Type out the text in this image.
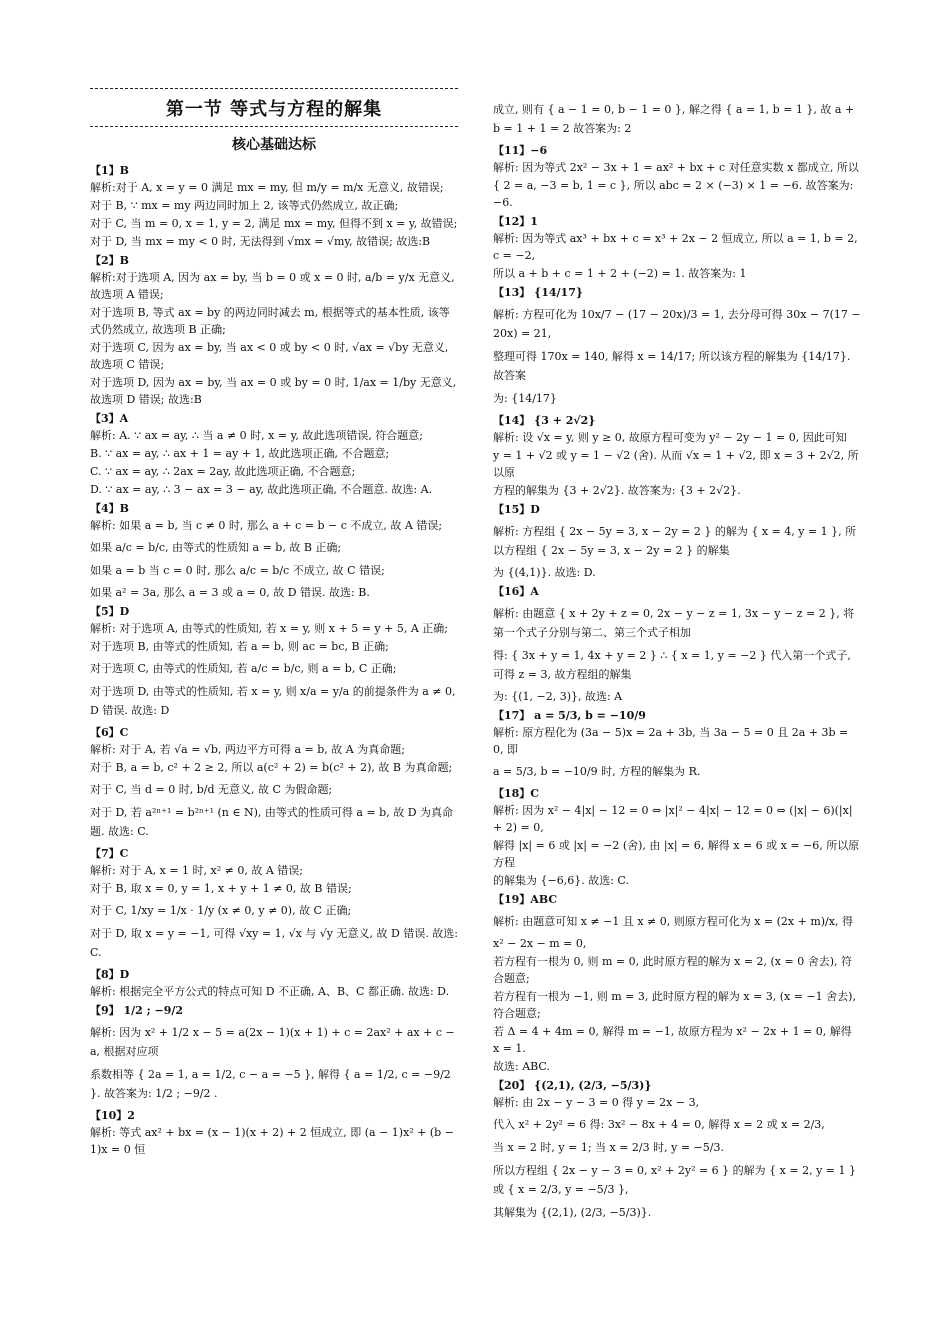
第一节 等式与方程的解集
核心基础达标
【1】B
解析:对于 A, x = y = 0 满足 mx = my, 但 m/y = m/x 无意义, 故错误;
对于 B, ∵ mx = my 两边同时加上 2, 该等式仍然成立, 故正确;
对于 C, 当 m = 0, x = 1, y = 2, 满足 mx = my, 但得不到 x = y, 故错误;
对于 D, 当 mx = my < 0 时, 无法得到 √mx = √my, 故错误; 故选:B
【2】B
解析:对于选项 A, 因为 ax = by, 当 b = 0 或 x = 0 时, a/b = y/x 无意义, 故选项 A 错误;
对于选项 B, 等式 ax = by 的两边同时减去 m, 根据等式的基本性质, 该等式仍然成立, 故选项 B 正确;
对于选项 C, 因为 ax = by, 当 ax < 0 或 by < 0 时, √ax = √by 无意义, 故选项 C 错误;
对于选项 D, 因为 ax = by, 当 ax = 0 或 by = 0 时, 1/ax = 1/by 无意义, 故选项 D 错误; 故选:B
【3】A
解析: A. ∵ ax = ay, ∴ 当 a ≠ 0 时, x = y, 故此选项错误, 符合题意;
B. ∵ ax = ay, ∴ ax + 1 = ay + 1, 故此选项正确, 不合题意;
C. ∵ ax = ay, ∴ 2ax = 2ay, 故此选项正确, 不合题意;
D. ∵ ax = ay, ∴ 3 − ax = 3 − ay, 故此选项正确, 不合题意. 故选: A.
【4】B
解析: 如果 a = b, 当 c ≠ 0 时, 那么 a + c = b − c 不成立, 故 A 错误;
如果 a/c = b/c, 由等式的性质知 a = b, 故 B 正确;
如果 a = b 当 c = 0 时, 那么 a/c = b/c 不成立, 故 C 错误;
如果 a² = 3a, 那么 a = 3 或 a = 0, 故 D 错误. 故选: B.
【5】D
解析: 对于选项 A, 由等式的性质知, 若 x = y, 则 x + 5 = y + 5, A 正确;
对于选项 B, 由等式的性质知, 若 a = b, 则 ac = bc, B 正确;
对于选项 C, 由等式的性质知, 若 a/c = b/c, 则 a = b, C 正确;
对于选项 D, 由等式的性质知, 若 x = y, 则 x/a = y/a 的前提条件为 a ≠ 0, D 错误. 故选: D
【6】C
解析: 对于 A, 若 √a = √b, 两边平方可得 a = b, 故 A 为真命题;
对于 B, a = b, c² + 2 ≥ 2, 所以 a(c² + 2) = b(c² + 2), 故 B 为真命题;
对于 C, 当 d = 0 时, b/d 无意义, 故 C 为假命题;
对于 D, 若 a²ⁿ⁺¹ = b²ⁿ⁺¹ (n ∈ N), 由等式的性质可得 a = b, 故 D 为真命题. 故选: C.
【7】C
解析: 对于 A, x = 1 时, x² ≠ 0, 故 A 错误;
对于 B, 取 x = 0, y = 1, x + y + 1 ≠ 0, 故 B 错误;
对于 C, 1/xy = 1/x · 1/y (x ≠ 0, y ≠ 0), 故 C 正确;
对于 D, 取 x = y = −1, 可得 √xy = 1, √x 与 √y 无意义, 故 D 错误. 故选: C.
【8】D
解析: 根据完全平方公式的特点可知 D 不正确, A、B、C 都正确. 故选: D.
【9】 1/2 ; −9/2
解析: 因为 x² + 1/2 x − 5 = a(2x − 1)(x + 1) + c = 2ax² + ax + c − a, 根据对应项
系数相等 { 2a = 1, a = 1/2, c − a = −5 }, 解得 { a = 1/2, c = −9/2 }. 故答案为: 1/2 ; −9/2 .
【10】2
解析: 等式 ax² + bx = (x − 1)(x + 2) + 2 恒成立, 即 (a − 1)x² + (b − 1)x = 0 恒
成立, 则有 { a − 1 = 0, b − 1 = 0 }, 解之得 { a = 1, b = 1 }, 故 a + b = 1 + 1 = 2 故答案为: 2
【11】−6
解析: 因为等式 2x² − 3x + 1 = ax² + bx + c 对任意实数 x 都成立, 所以
{ 2 = a, −3 = b, 1 = c }, 所以 abc = 2 × (−3) × 1 = −6. 故答案为: −6.
【12】1
解析: 因为等式 ax³ + bx + c = x³ + 2x − 2 恒成立, 所以 a = 1, b = 2, c = −2,
所以 a + b + c = 1 + 2 + (−2) = 1. 故答案为: 1
【13】 {14/17}
解析: 方程可化为 10x/7 − (17 − 20x)/3 = 1, 去分母可得 30x − 7(17 − 20x) = 21,
整理可得 170x = 140, 解得 x = 14/17; 所以该方程的解集为 {14/17}. 故答案
为: {14/17}
【14】 {3 + 2√2}
解析: 设 √x = y, 则 y ≥ 0, 故原方程可变为 y² − 2y − 1 = 0, 因此可知
y = 1 + √2 或 y = 1 − √2 (舍). 从而 √x = 1 + √2, 即 x = 3 + 2√2, 所以原
方程的解集为 {3 + 2√2}. 故答案为: {3 + 2√2}.
【15】D
解析: 方程组 { 2x − 5y = 3, x − 2y = 2 } 的解为 { x = 4, y = 1 }, 所以方程组 { 2x − 5y = 3, x − 2y = 2 } 的解集
为 {(4,1)}. 故选: D.
【16】A
解析: 由题意 { x + 2y + z = 0, 2x − y − z = 1, 3x − y − z = 2 }, 将第一个式子分别与第二、第三个式子相加
得: { 3x + y = 1, 4x + y = 2 } ∴ { x = 1, y = −2 } 代入第一个式子, 可得 z = 3, 故方程组的解集
为: {(1, −2, 3)}, 故选: A
【17】 a = 5/3, b = −10/9
解析: 原方程化为 (3a − 5)x = 2a + 3b, 当 3a − 5 = 0 且 2a + 3b = 0, 即
a = 5/3, b = −10/9 时, 方程的解集为 R.
【18】C
解析: 因为 x² − 4|x| − 12 = 0 ⇔ |x|² − 4|x| − 12 = 0 ⇔ (|x| − 6)(|x| + 2) = 0,
解得 |x| = 6 或 |x| = −2 (舍), 由 |x| = 6, 解得 x = 6 或 x = −6, 所以原方程
的解集为 {−6,6}. 故选: C.
【19】ABC
解析: 由题意可知 x ≠ −1 且 x ≠ 0, 则原方程可化为 x = (2x + m)/x, 得
x² − 2x − m = 0,
若方程有一根为 0, 则 m = 0, 此时原方程的解为 x = 2, (x = 0 舍去), 符合题意;
若方程有一根为 −1, 则 m = 3, 此时原方程的解为 x = 3, (x = −1 舍去), 符合题意;
若 Δ = 4 + 4m = 0, 解得 m = −1, 故原方程为 x² − 2x + 1 = 0, 解得 x = 1.
故选: ABC.
【20】 {(2,1), (2/3, −5/3)}
解析: 由 2x − y − 3 = 0 得 y = 2x − 3,
代入 x² + 2y² = 6 得: 3x² − 8x + 4 = 0, 解得 x = 2 或 x = 2/3,
当 x = 2 时, y = 1; 当 x = 2/3 时, y = −5/3.
所以方程组 { 2x − y − 3 = 0, x² + 2y² = 6 } 的解为 { x = 2, y = 1 } 或 { x = 2/3, y = −5/3 },
其解集为 {(2,1), (2/3, −5/3)}.
